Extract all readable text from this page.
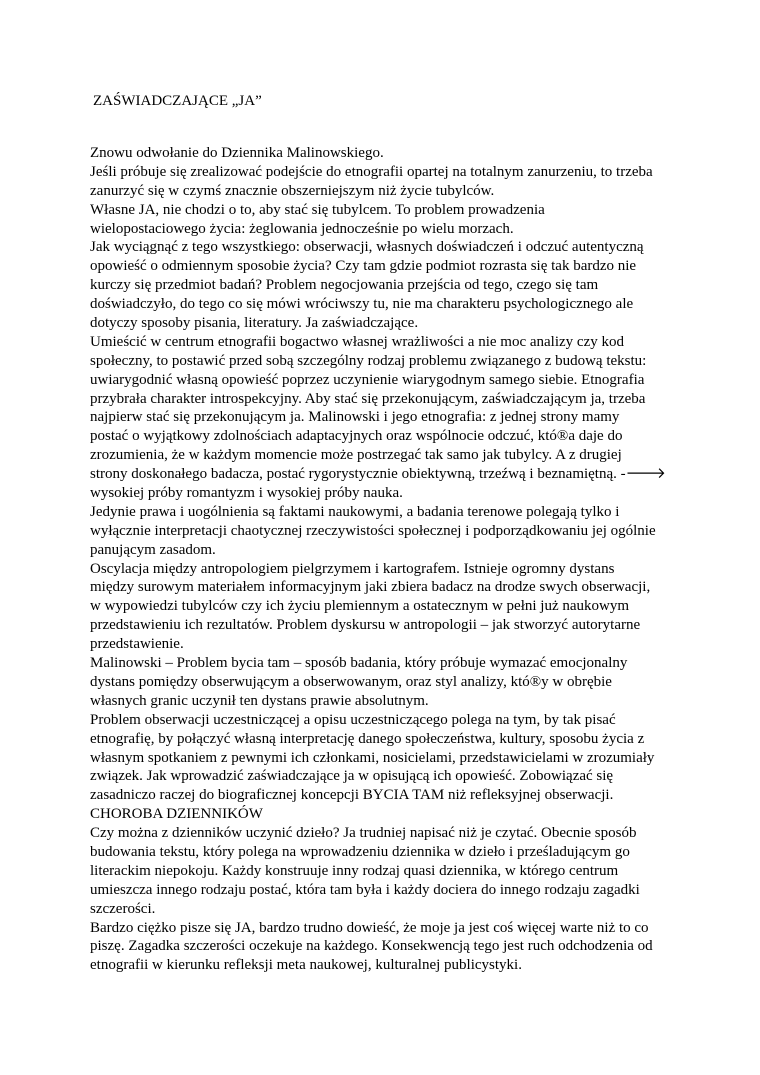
ZAŚWIADCZAJĄCE „JA”
Znowu odwołanie do Dziennika Malinowskiego.
Jeśli próbuje się zrealizować podejście do etnografii opartej na totalnym zanurzeniu, to trzeba
zanurzyć się w czymś znacznie obszerniejszym niż życie tubylców.
Własne JA, nie chodzi o to, aby stać się tubylcem. To problem prowadzenia
wielopostaciowego życia: żeglowania jednocześnie po wielu morzach.
Jak wyciągnąć z tego wszystkiego: obserwacji, własnych doświadczeń i odczuć autentyczną
opowieść o odmiennym sposobie życia? Czy tam gdzie podmiot rozrasta się tak bardzo nie
kurczy się przedmiot badań? Problem negocjowania przejścia od tego, czego się tam
doświadczyło, do tego co się mówi wróciwszy tu, nie ma charakteru psychologicznego ale
dotyczy sposoby pisania, literatury. Ja zaświadczające.
Umieścić w centrum etnografii bogactwo własnej wrażliwości a nie moc analizy czy kod
społeczny, to postawić przed sobą szczególny rodzaj problemu związanego z budową tekstu:
uwiarygodnić własną opowieść poprzez uczynienie wiarygodnym samego siebie. Etnografia
przybrała charakter introspekcyjny. Aby stać się przekonującym, zaświadczającym ja, trzeba
najpierw stać się przekonującym ja. Malinowski i jego etnografia: z jednej strony mamy
postać o wyjątkowy zdolnościach adaptacyjnych oraz wspólnocie odczuć, któ®a daje do
zrozumienia, że w każdym momencie może postrzegać tak samo jak tubylcy. A z drugiej
strony doskonałego badacza, postać rygorystycznie obiektywną, trzeźwą i beznamiętną. -🡒
wysokiej próby romantyzm i wysokiej próby nauka.
Jedynie prawa i uogólnienia są faktami naukowymi, a badania terenowe polegają tylko i
wyłącznie interpretacji chaotycznej rzeczywistości społecznej i podporządkowaniu jej ogólnie
panującym zasadom.
Oscylacja między antropologiem pielgrzymem i kartografem. Istnieje ogromny dystans
między surowym materiałem informacyjnym jaki zbiera badacz na drodze swych obserwacji,
w wypowiedzi tubylców czy ich życiu plemiennym a ostatecznym w pełni już naukowym
przedstawieniu ich rezultatów. Problem dyskursu w antropologii – jak stworzyć autorytarne
przedstawienie.
Malinowski – Problem bycia tam – sposób badania, który próbuje wymazać emocjonalny
dystans pomiędzy obserwującym a obserwowanym, oraz styl analizy, któ®y w obrębie
własnych granic uczynił ten dystans prawie absolutnym.
Problem obserwacji uczestniczącej a opisu uczestniczącego polega na tym, by tak pisać
etnografię, by połączyć własną interpretację danego społeczeństwa, kultury, sposobu życia z
własnym spotkaniem z pewnymi ich członkami, nosicielami, przedstawicielami w zrozumiały
związek. Jak wprowadzić zaświadczające ja w opisującą ich opowieść. Zobowiązać się
zasadniczo raczej do biograficznej koncepcji BYCIA TAM niż refleksyjnej obserwacji.
CHOROBA DZIENNIKÓW
Czy można z dzienników uczynić dzieło? Ja trudniej napisać niż je czytać. Obecnie sposób
budowania tekstu, który polega na wprowadzeniu dziennika w dzieło i prześladującym go
literackim niepokoju. Każdy konstruuje inny rodzaj quasi dziennika, w którego centrum
umieszcza innego rodzaju postać, która tam była i każdy dociera do innego rodzaju zagadki
szczerości.
Bardzo ciężko pisze się JA, bardzo trudno dowieść, że moje ja jest coś więcej warte niż to co
piszę. Zagadka szczerości oczekuje na każdego. Konsekwencją tego jest ruch odchodzenia od
etnografii w kierunku refleksji meta naukowej, kulturalnej publicystyki.
